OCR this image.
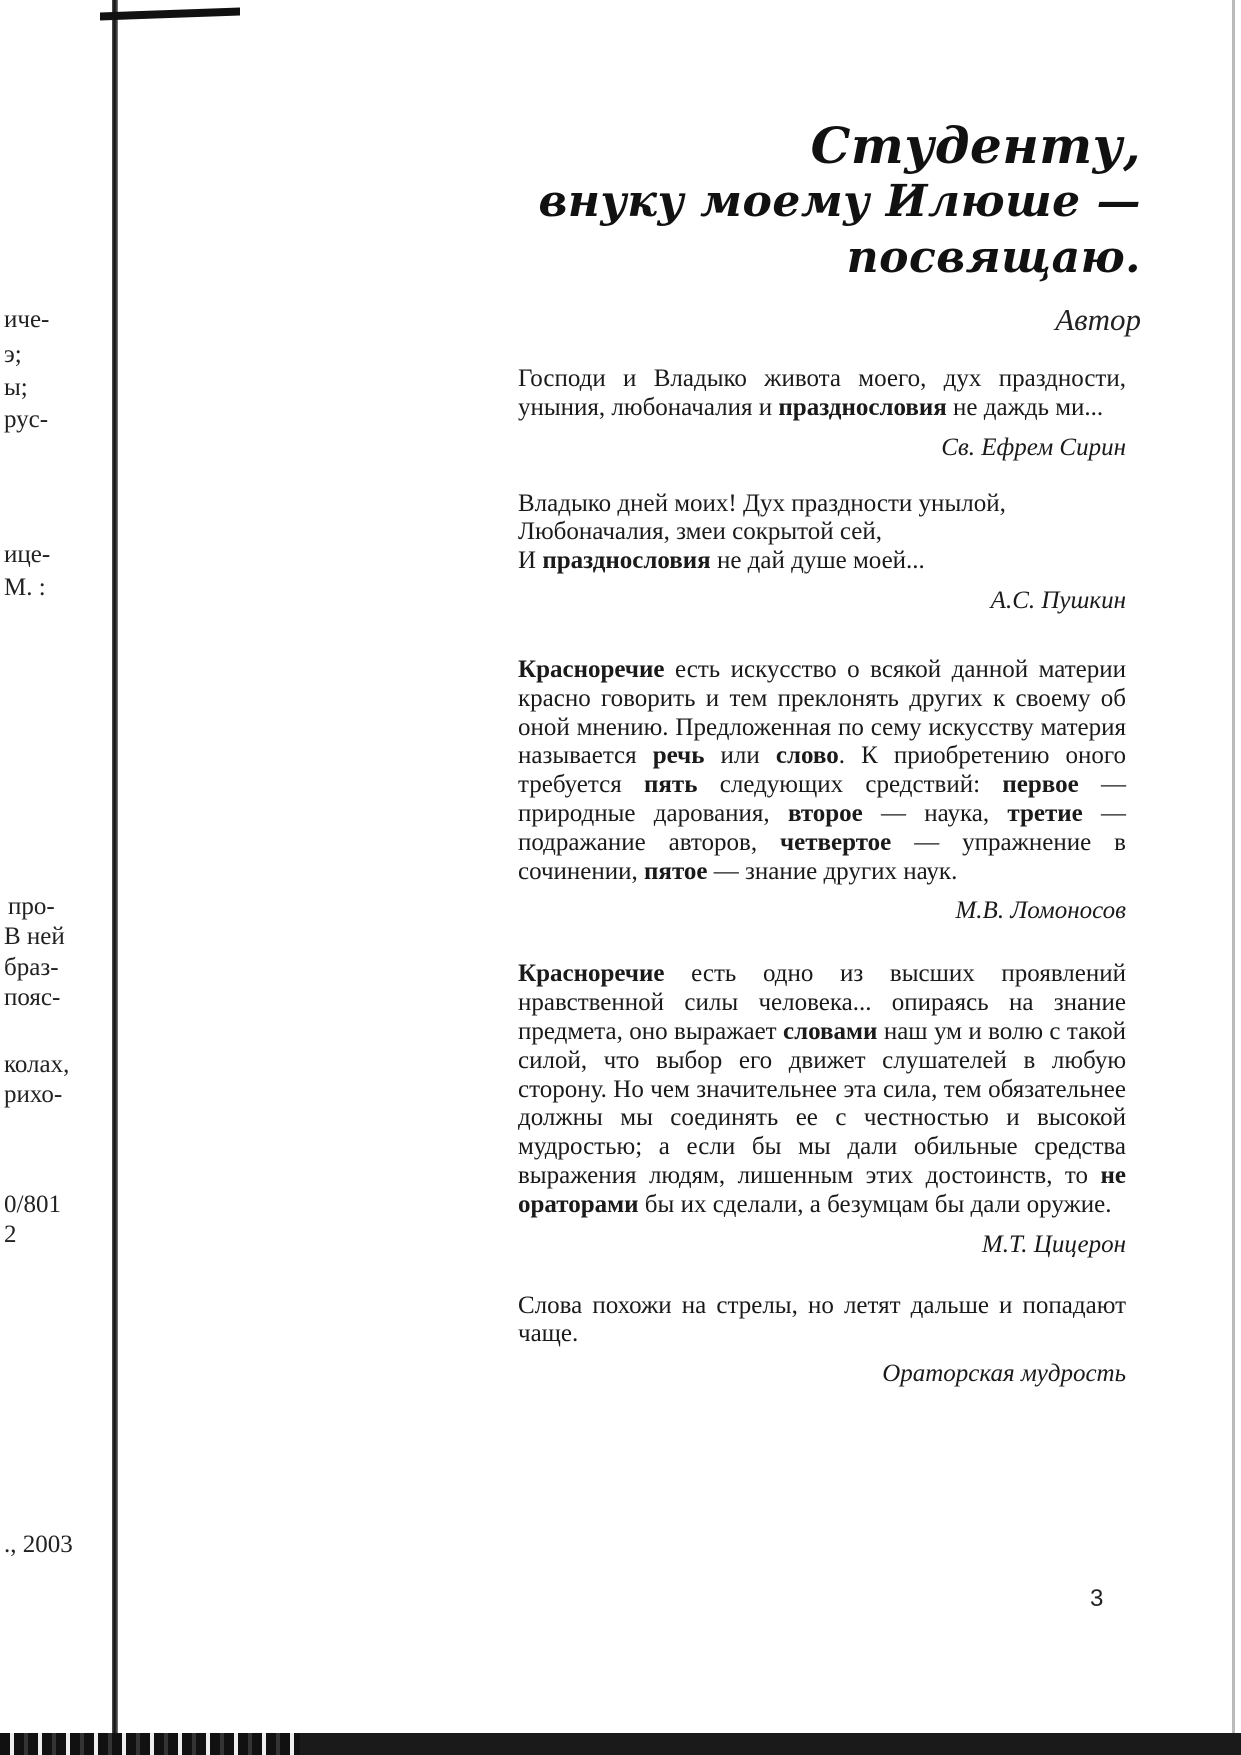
иче-
э;
ы;
рус-
ице-
М. :
про-
В ней
браз-
пояс-
колах,
рихо-
0/801
2
., 2003
Студенту,
внуку моему Илюше —
посвящаю.
Автор

Господи и Владыко живота моего, дух праздности, уныния, любоначалия и празднословия не даждь ми...

Св. Ефрем Сирин

Владыко дней моих! Дух праздности унылой,
Любоначалия, змеи сокрытой сей,
И празднословия не дай душе моей...

А.С. Пушкин

Красноречие есть искусство о всякой данной материи красно говорить и тем преклонять других к своему об оной мнению. Предложенная по сему искусству материя называется речь или слово. К приобретению оного требуется пять следующих средствий: первое — природные дарования, второе — наука, третие — подражание авторов, четвертое — упражнение в сочинении, пятое — знание других наук.

М.В. Ломоносов

Красноречие есть одно из высших проявлений нравственной силы человека... опираясь на знание предмета, оно выражает словами наш ум и волю с такой силой, что выбор его движет слушателей в любую сторону. Но чем значительнее эта сила, тем обязательнее должны мы соединять ее с честностью и высокой мудростью; а если бы мы дали обильные средства выражения людям, лишенным этих достоинств, то не ораторами бы их сделали, а безумцам бы дали оружие.

М.Т. Цицерон

Слова похожи на стрелы, но летят дальше и попадают чаще.

Ораторская мудрость
3
